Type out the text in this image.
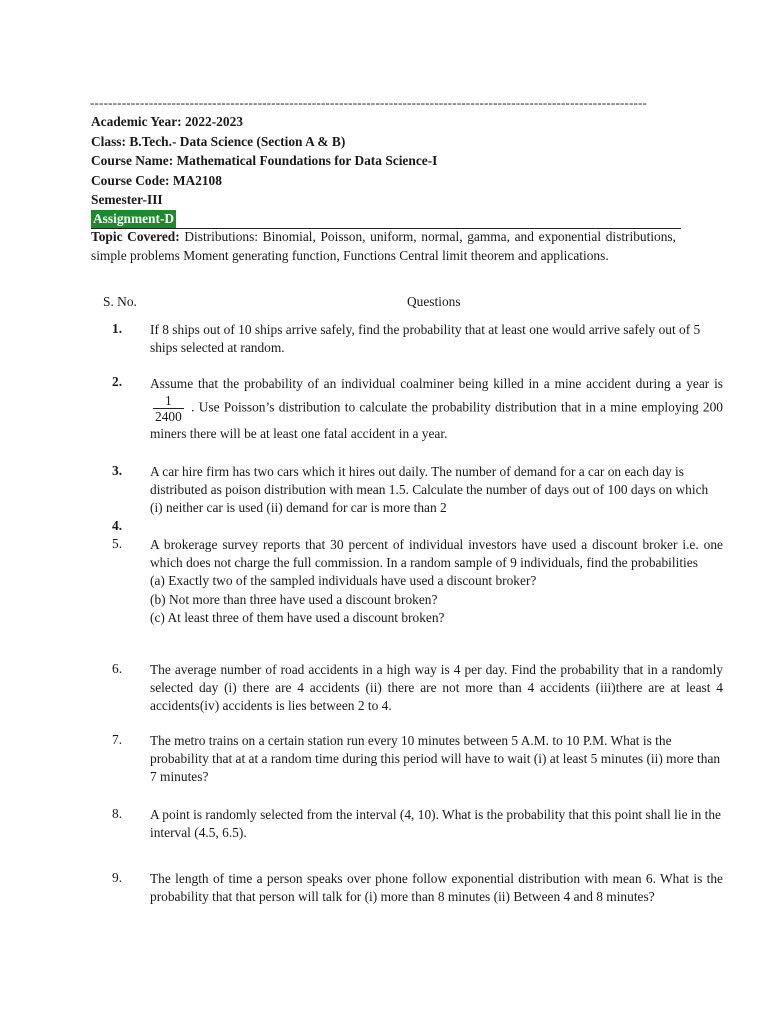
---------------------------------------------------------------------------------------------------------------------------
Academic Year: 2022-2023
Class: B.Tech.- Data Science (Section A & B)
Course Name: Mathematical Foundations for Data Science-I
Course Code: MA2108
Semester-III
Assignment-D
Topic Covered: Distributions: Binomial, Poisson, uniform, normal, gamma, and exponential distributions, simple problems Moment generating function, Functions Central limit theorem and applications.
S. No.	Questions
1. If 8 ships out of 10 ships arrive safely, find the probability that at least one would arrive safely out of 5 ships selected at random.
2. Assume that the probability of an individual coalminer being killed in a mine accident during a year is
$\frac{1}{2400}$ . Use Poisson’s distribution to calculate the probability distribution that in a mine employing 200 miners there will be at least one fatal accident in a year.
3. A car hire firm has two cars which it hires out daily. The number of demand for a car on each day is distributed as poison distribution with mean 1.5. Calculate the number of days out of 100 days on which (i) neither car is used (ii) demand for car is more than 2
4.
5. A brokerage survey reports that 30 percent of individual investors have used a discount broker i.e. one which does not charge the full commission. In a random sample of 9 individuals, find the probabilities
(a) Exactly two of the sampled individuals have used a discount broker?
(b) Not more than three have used a discount broken?
(c) At least three of them have used a discount broken?
6. The average number of road accidents in a high way is 4 per day. Find the probability that in a randomly selected day (i) there are 4 accidents (ii) there are not more than 4 accidents (iii)there are at least 4 accidents(iv) accidents is lies between 2 to 4.
7. The metro trains on a certain station run every 10 minutes between 5 A.M. to 10 P.M. What is the probability that at at a random time during this period will have to wait (i) at least 5 minutes (ii) more than 7 minutes?
8. A point is randomly selected from the interval (4, 10). What is the probability that this point shall lie in the interval (4.5, 6.5).
9. The length of time a person speaks over phone follow exponential distribution with mean 6. What is the probability that that person will talk for (i) more than 8 minutes (ii) Between 4 and 8 minutes?
